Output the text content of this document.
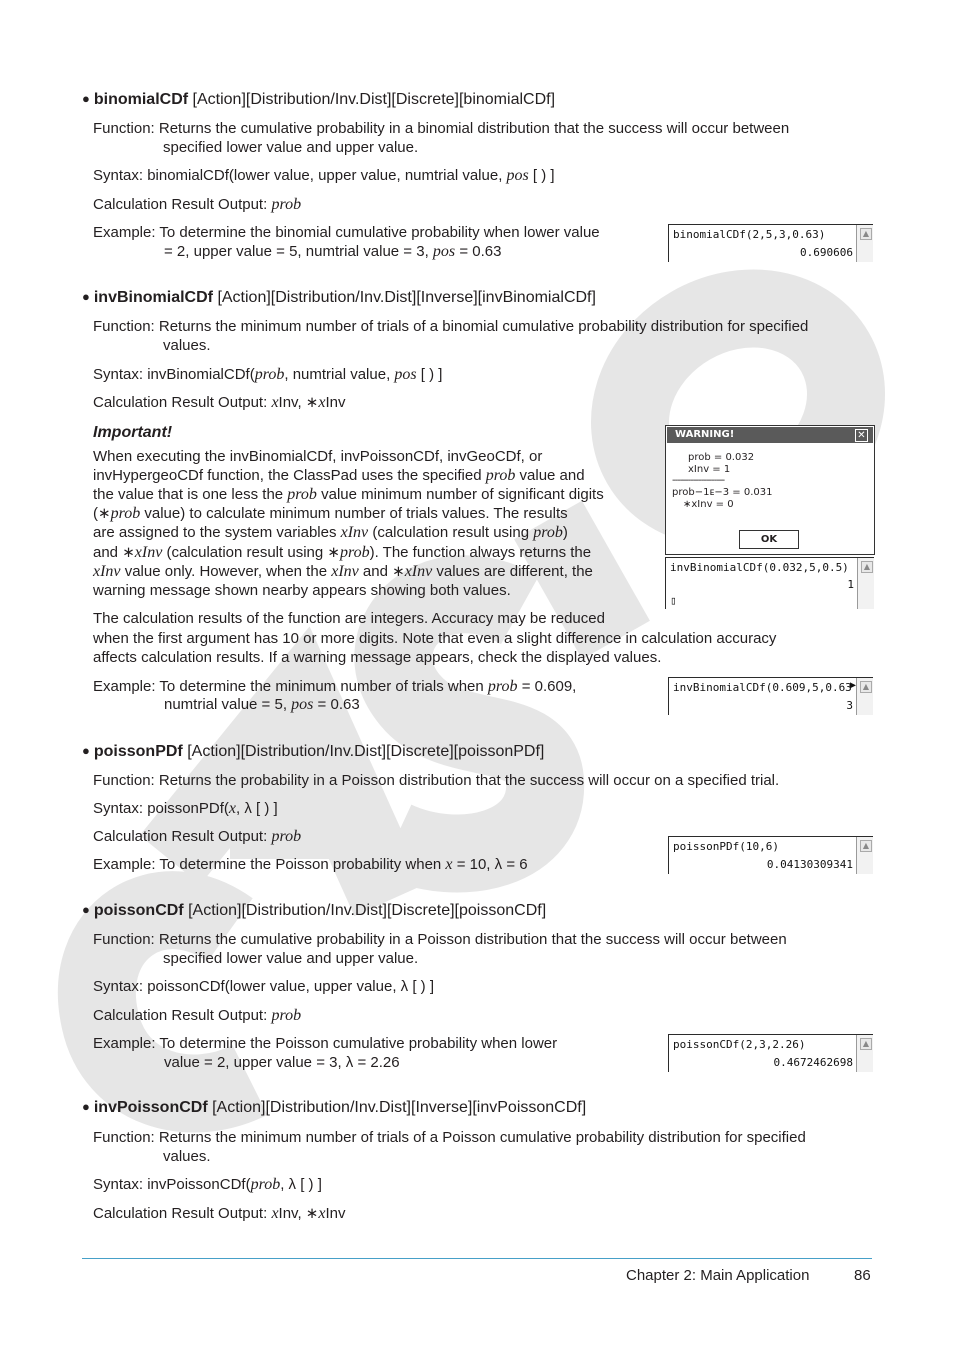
● binomialCDf [Action][Distribution/Inv.Dist][Discrete][binomialCDf]
Function: Returns the cumulative probability in a binomial distribution that the success will occur between
specified lower value and upper value.
Syntax: binomialCDf(lower value, upper value, numtrial value, pos [ ) ]
Calculation Result Output: prob
Example: To determine the binomial cumulative probability when lower value
= 2, upper value = 5, numtrial value = 3, pos = 0.63
binomialCDf(2,5,3,0.63)
0.690606
▲
● invBinomialCDf [Action][Distribution/Inv.Dist][Inverse][invBinomialCDf]
Function: Returns the minimum number of trials of a binomial cumulative probability distribution for specified
values.
Syntax: invBinomialCDf(prob, numtrial value, pos [ ) ]
Calculation Result Output: xInv, ∗xInv
Important!
When executing the invBinomialCDf, invPoissonCDf, invGeoCDf, or
invHypergeoCDf function, the ClassPad uses the specified prob value and
the value that is one less the prob value minimum number of significant digits
(∗prob value) to calculate minimum number of trials values. The results
are assigned to the system variables xInv (calculation result using prob)
and ∗xInv (calculation result using ∗prob). The function always returns the
xInv value only. However, when the xInv and ∗xInv values are different, the
warning message shown nearby appears showing both values.
The calculation results of the function are integers. Accuracy may be reduced
when the first argument has 10 or more digits. Note that even a slight difference in calculation accuracy
affects calculation results. If a warning message appears, check the displayed values.
Example: To determine the minimum number of trials when prob = 0.609,
numtrial value = 5, pos = 0.63
WARNING!	✕
prob = 0.032
xInv = 1
--------------------
prob−1ᴇ−3 = 0.031
∗xInv = 0
OK
invBinomialCDf(0.032,5,0.5)
1
▯
▲
invBinomialCDf(0.609,5,0.63
▶
3
▲
● poissonPDf [Action][Distribution/Inv.Dist][Discrete][poissonPDf]
Function: Returns the probability in a Poisson distribution that the success will occur on a specified trial.
Syntax: poissonPDf(x, λ [ ) ]
Calculation Result Output: prob
Example: To determine the Poisson probability when x = 10, λ = 6
poissonPDf(10,6)
0.04130309341
▲
● poissonCDf [Action][Distribution/Inv.Dist][Discrete][poissonCDf]
Function: Returns the cumulative probability in a Poisson distribution that the success will occur between
specified lower value and upper value.
Syntax: poissonCDf(lower value, upper value, λ [ ) ]
Calculation Result Output: prob
Example: To determine the Poisson cumulative probability when lower
value = 2, upper value = 3, λ = 2.26
poissonCDf(2,3,2.26)
0.4672462698
▲
● invPoissonCDf [Action][Distribution/Inv.Dist][Inverse][invPoissonCDf]
Function: Returns the minimum number of trials of a Poisson cumulative probability distribution for specified
values.
Syntax: invPoissonCDf(prob, λ [ ) ]
Calculation Result Output: xInv, ∗xInv
Chapter 2: Main Application	86
